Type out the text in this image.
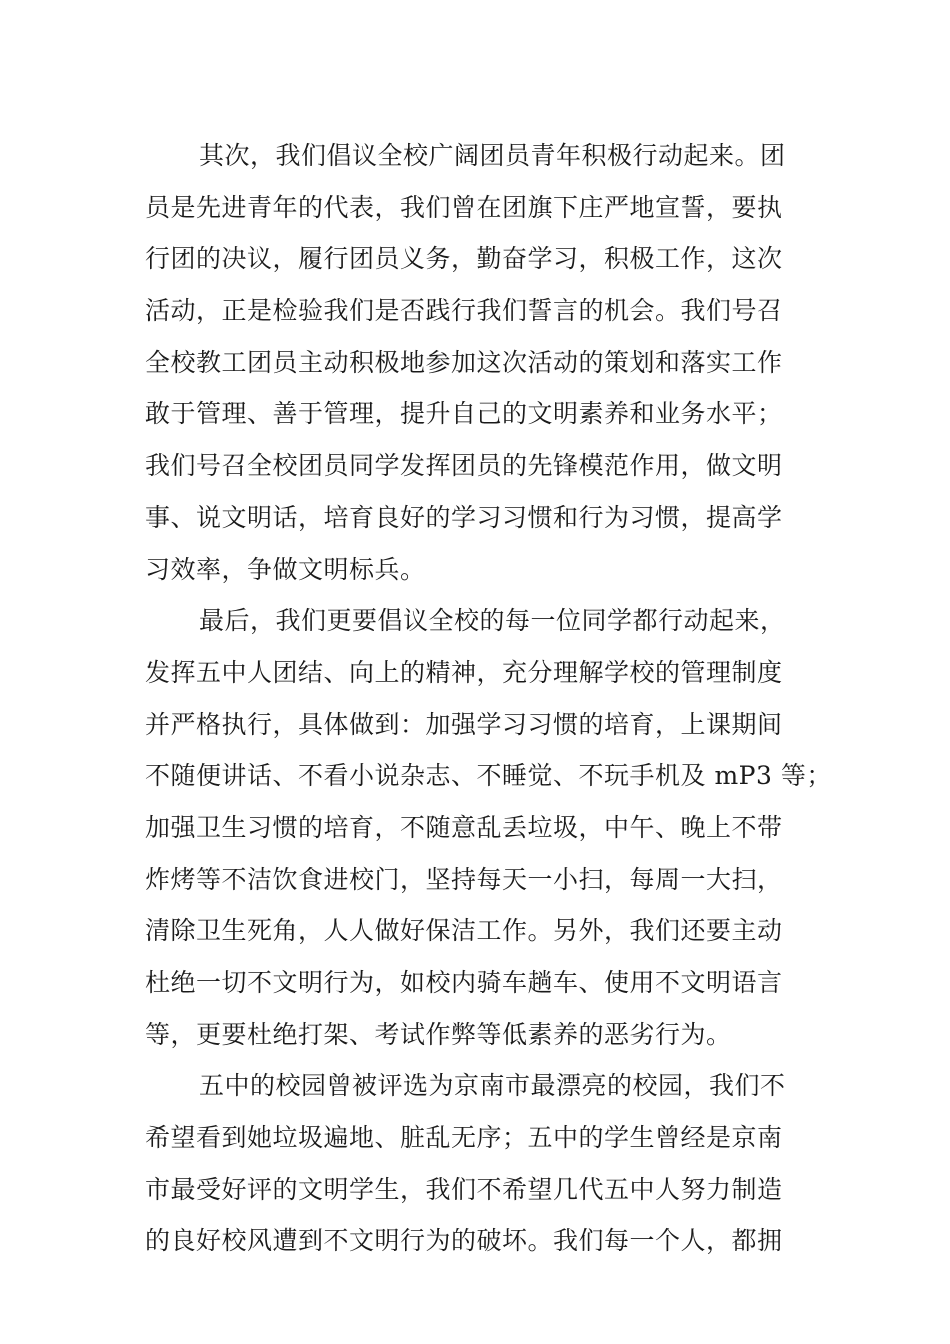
其次，我们倡议全校广阔团员青年积极行动起来。团
员是先进青年的代表，我们曾在团旗下庄严地宣誓，要执
行团的决议，履行团员义务，勤奋学习，积极工作，这次
活动，正是检验我们是否践行我们誓言的机会。我们号召
全校教工团员主动积极地参加这次活动的策划和落实工作
敢于管理、善于管理，提升自己的文明素养和业务水平；
我们号召全校团员同学发挥团员的先锋模范作用，做文明
事、说文明话，培育良好的学习习惯和行为习惯，提高学
习效率，争做文明标兵。
最后，我们更要倡议全校的每一位同学都行动起来，
发挥五中人团结、向上的精神，充分理解学校的管理制度
并严格执行，具体做到：加强学习习惯的培育，上课期间
不随便讲话、不看小说杂志、不睡觉、不玩手机及 mP3 等；
加强卫生习惯的培育，不随意乱丢垃圾，中午、晚上不带
炸烤等不洁饮食进校门，坚持每天一小扫，每周一大扫，
清除卫生死角，人人做好保洁工作。另外，我们还要主动
杜绝一切不文明行为，如校内骑车趟车、使用不文明语言
等，更要杜绝打架、考试作弊等低素养的恶劣行为。
五中的校园曾被评选为京南市最漂亮的校园，我们不
希望看到她垃圾遍地、脏乱无序；五中的学生曾经是京南
市最受好评的文明学生，我们不希望几代五中人努力制造
的良好校风遭到不文明行为的破坏。我们每一个人，都拥
